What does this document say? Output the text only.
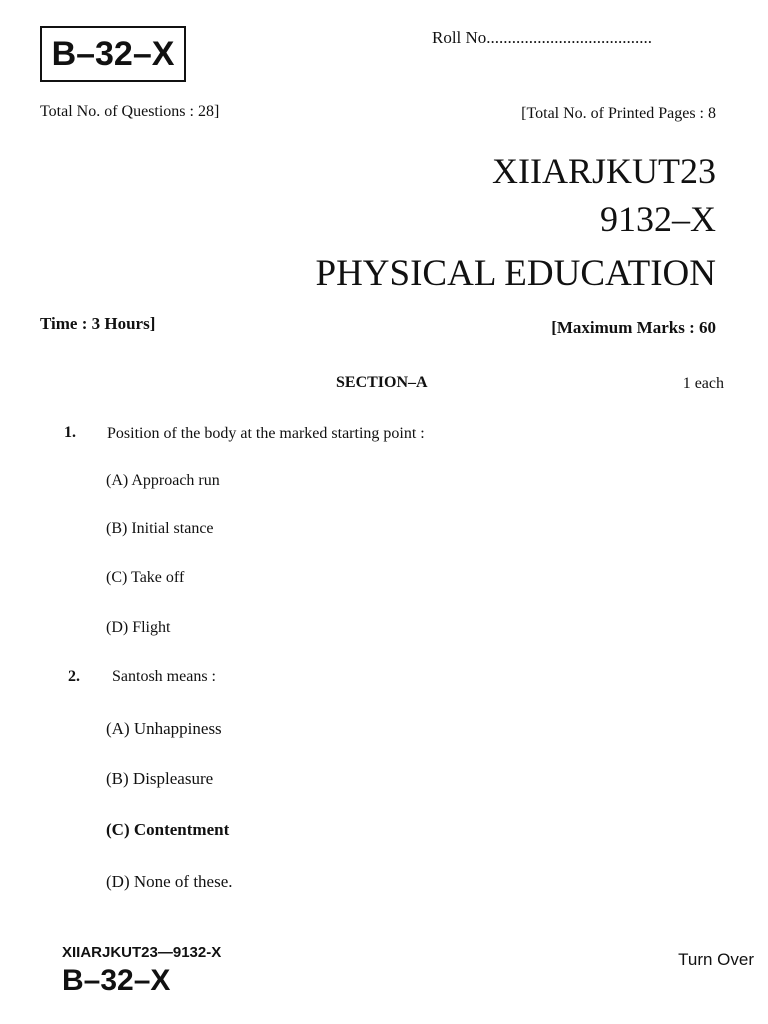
B–32–X	Roll No.......................................
Total No. of Questions : 28]	[Total No. of Printed Pages : 8
XIIARJKUT23
9132–X
PHYSICAL EDUCATION
Time : 3 Hours]	[Maximum Marks : 60
SECTION–A	1 each
1. Position of the body at the marked starting point :
(A) Approach run
(B) Initial stance
(C) Take off
(D) Flight
2. Santosh means :
(A) Unhappiness
(B) Displeasure
(C) Contentment
(D) None of these.
XIIARJKUT23—9132-X
B–32–X
Turn Over
